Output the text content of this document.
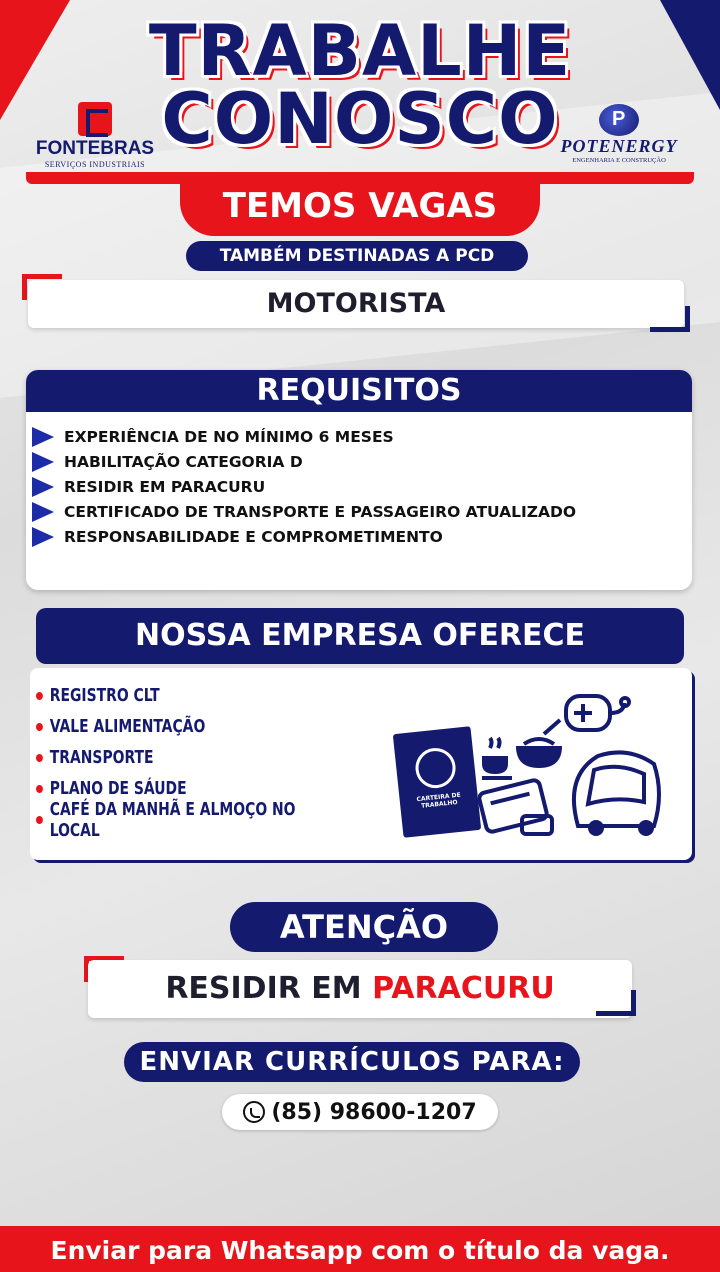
TRABALHE
CONOSCO
FONTEBRAS
SERVIÇOS INDUSTRIAIS
P
POTENERGY
ENGENHARIA E CONSTRUÇÃO
TEMOS VAGAS
TAMBÉM DESTINADAS A PCD
MOTORISTA
REQUISITOS
EXPERIÊNCIA DE NO MÍNIMO 6 MESES
HABILITAÇÃO CATEGORIA D
RESIDIR EM PARACURU
CERTIFICADO DE TRANSPORTE E PASSAGEIRO ATUALIZADO
RESPONSABILIDADE E COMPROMETIMENTO
NOSSA EMPRESA OFERECE
REGISTRO CLT
VALE ALIMENTAÇÃO
TRANSPORTE
PLANO DE SÁUDE
CAFÉ DA MANHÃ E ALMOÇO NO LOCAL
CARTEIRA DE TRABALHO
ATENÇÃO
RESIDIR EM PARACURU
ENVIAR CURRÍCULOS PARA:
(85) 98600-1207
Enviar para Whatsapp com o título da vaga.
